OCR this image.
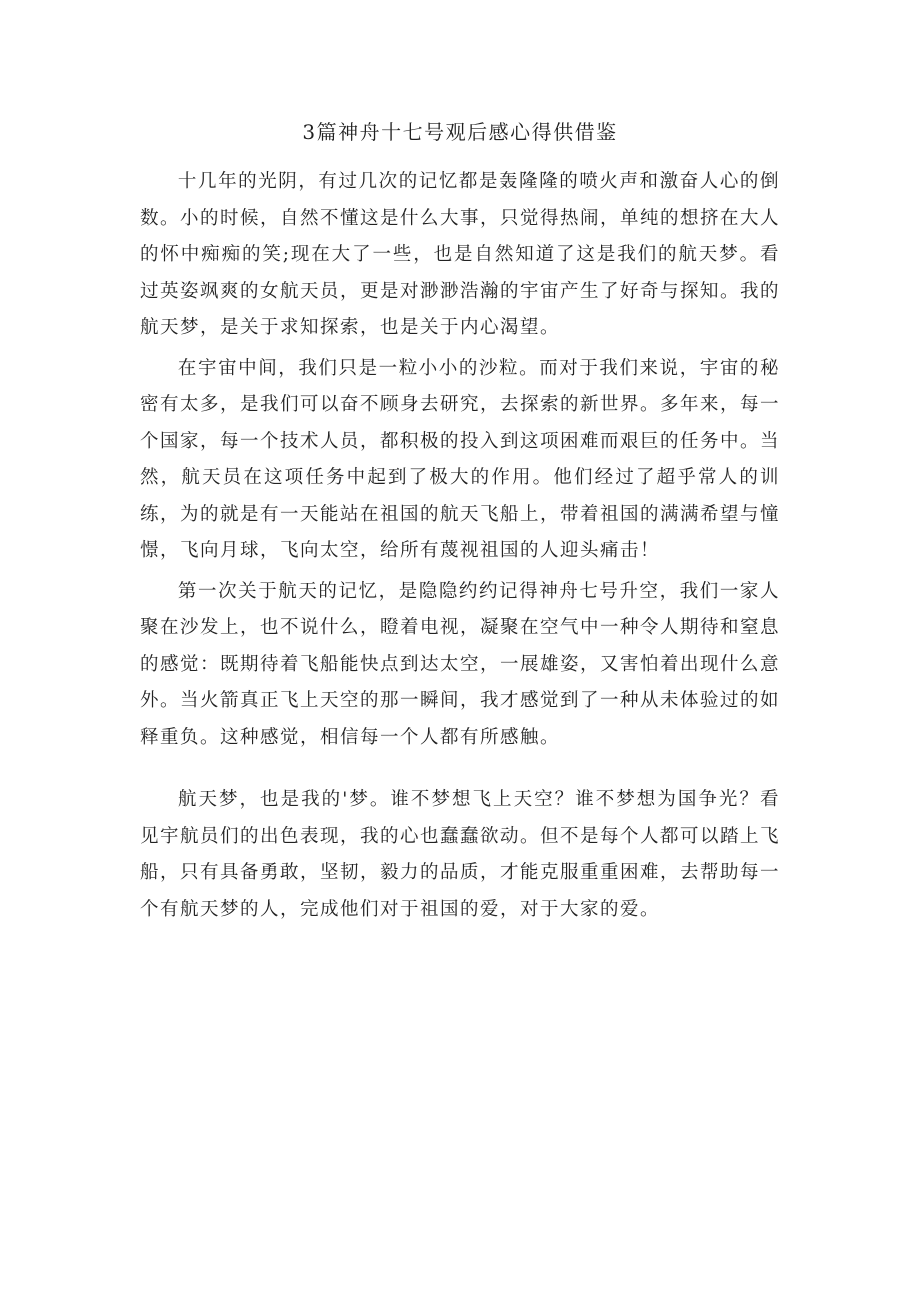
3篇神舟十七号观后感心得供借鉴

十几年的光阴，有过几次的记忆都是轰隆隆的喷火声和激奋人心的倒数。小的时候，自然不懂这是什么大事，只觉得热闹，单纯的想挤在大人的怀中痴痴的笑;现在大了一些，也是自然知道了这是我们的航天梦。看过英姿飒爽的女航天员，更是对渺渺浩瀚的宇宙产生了好奇与探知。我的航天梦，是关于求知探索，也是关于内心渴望。

在宇宙中间，我们只是一粒小小的沙粒。而对于我们来说，宇宙的秘密有太多，是我们可以奋不顾身去研究，去探索的新世界。多年来，每一个国家，每一个技术人员，都积极的投入到这项困难而艰巨的任务中。当然，航天员在这项任务中起到了极大的作用。他们经过了超乎常人的训练，为的就是有一天能站在祖国的航天飞船上，带着祖国的满满希望与憧憬，飞向月球，飞向太空，给所有蔑视祖国的人迎头痛击！

第一次关于航天的记忆，是隐隐约约记得神舟七号升空，我们一家人聚在沙发上，也不说什么，瞪着电视，凝聚在空气中一种令人期待和窒息的感觉：既期待着飞船能快点到达太空，一展雄姿，又害怕着出现什么意外。当火箭真正飞上天空的那一瞬间，我才感觉到了一种从未体验过的如释重负。这种感觉，相信每一个人都有所感触。

航天梦，也是我的'梦。谁不梦想飞上天空？谁不梦想为国争光？看见宇航员们的出色表现，我的心也蠢蠢欲动。但不是每个人都可以踏上飞船，只有具备勇敢，坚韧，毅力的品质，才能克服重重困难，去帮助每一个有航天梦的人，完成他们对于祖国的爱，对于大家的爱。
